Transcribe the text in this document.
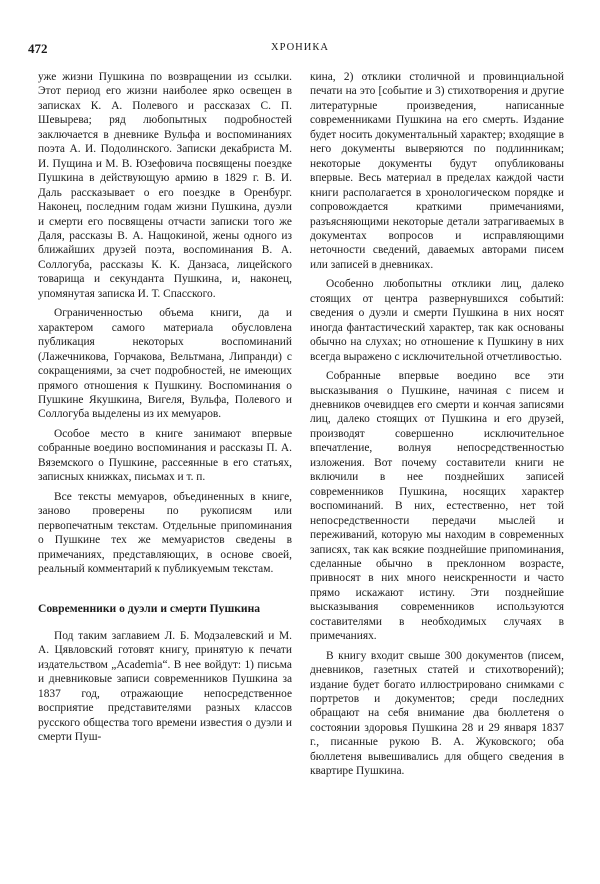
472	ХРОНИКА

уже жизни Пушкина по возвращении из ссылки. Этот период его жизни наиболее ярко освещен в записках К. А. Полевого и рассказах С. П. Шевырева; ряд любопытных подробностей заключается в дневнике Вульфа и воспоминаниях поэта А. И. Подолинского. Записки декабриста М. И. Пущина и М. В. Юзефовича посвящены поездке Пушкина в действующую армию в 1829 г. В. И. Даль рассказывает о его поездке в Оренбург. Наконец, последним годам жизни Пушкина, дуэли и смерти его посвящены отчасти записки того же Даля, рассказы В. А. Нащокиной, жены одного из ближайших друзей поэта, воспоминания В. А. Соллогуба, рассказы К. К. Данзаса, лицейского товарища и секунданта Пушкина, и, наконец, упомянутая записка И. Т. Спасского.

Ограниченностью объема книги, да и характером самого материала обусловлена публикация некоторых воспоминаний (Лажечникова, Горчакова, Вельтмана, Липранди) с сокращениями, за счет подробностей, не имеющих прямого отношения к Пушкину. Воспоминания о Пушкине Якушкина, Вигеля, Вульфа, Полевого и Соллогуба выделены из их мемуаров.

Особое место в книге занимают впервые собранные воедино воспоминания и рассказы П. А. Вяземского о Пушкине, рассеянные в его статьях, записных книжках, письмах и т. п.

Все тексты мемуаров, объединенных в книге, заново проверены по рукописям или первопечатным текстам. Отдельные припоминания о Пушкине тех же мемуаристов сведены в примечаниях, представляющих, в основе своей, реальный комментарий к публикуемым текстам.

Современники о дуэли и смерти Пушкина

Под таким заглавием Л. Б. Модзалевский и М. А. Цявловский готовят книгу, принятую к печати издательством „Academia“. В нее войдут: 1) письма и дневниковые записи современников Пушкина за 1837 год, отражающие непосредственное восприятие представителями разных классов русского общества того времени известия о дуэли и смерти Пуш-

кина, 2) отклики столичной и провинциальной печати на это [событие и 3) стихотворения и другие литературные произведения, написанные современниками Пушкина на его смерть. Издание будет носить документальный характер; входящие в него документы выверяются по подлинникам; некоторые документы будут опубликованы впервые. Весь материал в пределах каждой части книги располагается в хронологическом порядке и сопровождается краткими примечаниями, разъясняющими некоторые детали затрагиваемых в документах вопросов и исправляющими неточности сведений, даваемых авторами писем или записей в дневниках.

Особенно любопытны отклики лиц, далеко стоящих от центра развернувшихся событий: сведения о дуэли и смерти Пушкина в них носят иногда фантастический характер, так как основаны обычно на слухах; но отношение к Пушкину в них всегда выражено с исключительной отчетливостью.

Собранные впервые воедино все эти высказывания о Пушкине, начиная с писем и дневников очевидцев его смерти и кончая записями лиц, далеко стоящих от Пушкина и его друзей, производят совершенно исключительное впечатление, волнуя непосредственностью изложения. Вот почему составители книги не включили в нее позднейших записей современников Пушкина, носящих характер воспоминаний. В них, естественно, нет той непосредственности передачи мыслей и переживаний, которую мы находим в современных записях, так как всякие позднейшие припоминания, сделанные обычно в преклонном возрасте, привносят в них много неискренности и часто прямо искажают истину. Эти позднейшие высказывания современников используются составителями в необходимых случаях в примечаниях.

В книгу входит свыше 300 документов (писем, дневников, газетных статей и стихотворений); издание будет богато иллюстрировано снимками с портретов и документов; среди последних обращают на себя внимание два бюллетеня о состоянии здоровья Пушкина 28 и 29 января 1837 г., писанные рукою В. А. Жуковского; оба бюллетеня вывешивались для общего сведения в квартире Пушкина.
